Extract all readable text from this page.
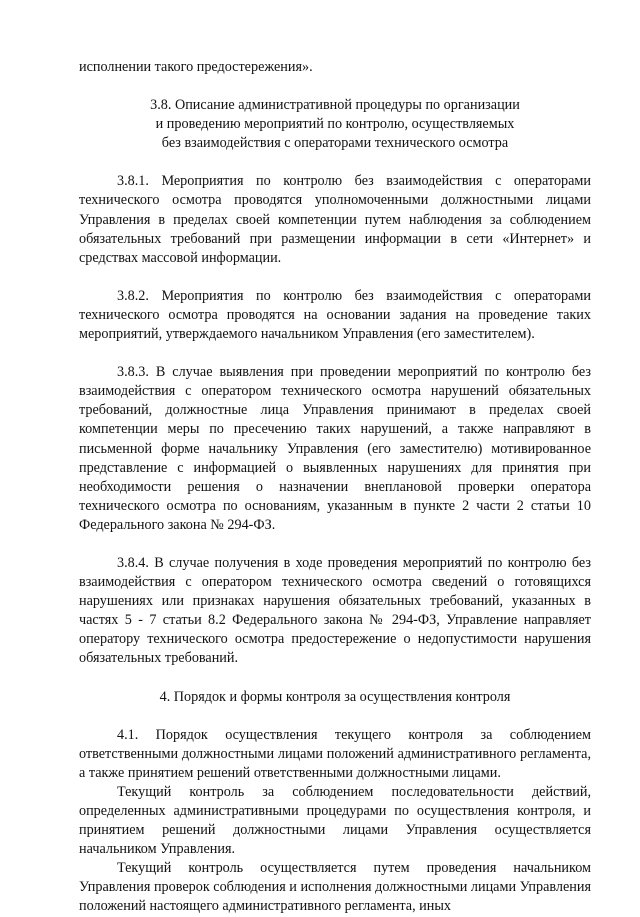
исполнении такого предостережения».

3.8. Описание административной процедуры по организации

и проведению мероприятий по контролю, осуществляемых

без взаимодействия с операторами технического осмотра

3.8.1. Мероприятия по контролю без взаимодействия с операторами технического осмотра проводятся уполномоченными должностными лицами Управления в пределах своей компетенции путем наблюдения за соблюдением обязательных требований при размещении информации в сети «Интернет» и средствах массовой информации.

3.8.2. Мероприятия по контролю без взаимодействия с операторами технического осмотра проводятся на основании задания на проведение таких мероприятий, утверждаемого начальником Управления (его заместителем).

3.8.3. В случае выявления при проведении мероприятий по контролю без взаимодействия с оператором технического осмотра нарушений обязательных требований, должностные лица Управления принимают в пределах своей компетенции меры по пресечению таких нарушений, а также направляют в письменной форме начальнику Управления (его заместителю) мотивированное представление с информацией о выявленных нарушениях для принятия при необходимости решения о назначении внеплановой проверки оператора технического осмотра по основаниям, указанным в пункте 2 части 2 статьи 10 Федерального закона № 294-ФЗ.

3.8.4. В случае получения в ходе проведения мероприятий по контролю без взаимодействия с оператором технического осмотра сведений о готовящихся нарушениях или признаках нарушения обязательных требований, указанных в частях 5 - 7 статьи 8.2 Федерального закона № 294-ФЗ, Управление направляет оператору технического осмотра предостережение о недопустимости нарушения обязательных требований.

4. Порядок и формы контроля за осуществления контроля

4.1. Порядок осуществления текущего контроля за соблюдением ответственными должностными лицами положений административного регламента, а также принятием решений ответственными должностными лицами.

Текущий контроль за соблюдением последовательности действий, определенных административными процедурами по осуществления контроля, и принятием решений должностными лицами Управления осуществляется начальником Управления.

Текущий контроль осуществляется путем проведения начальником Управления проверок соблюдения и исполнения должностными лицами Управления положений настоящего административного регламента, иных
